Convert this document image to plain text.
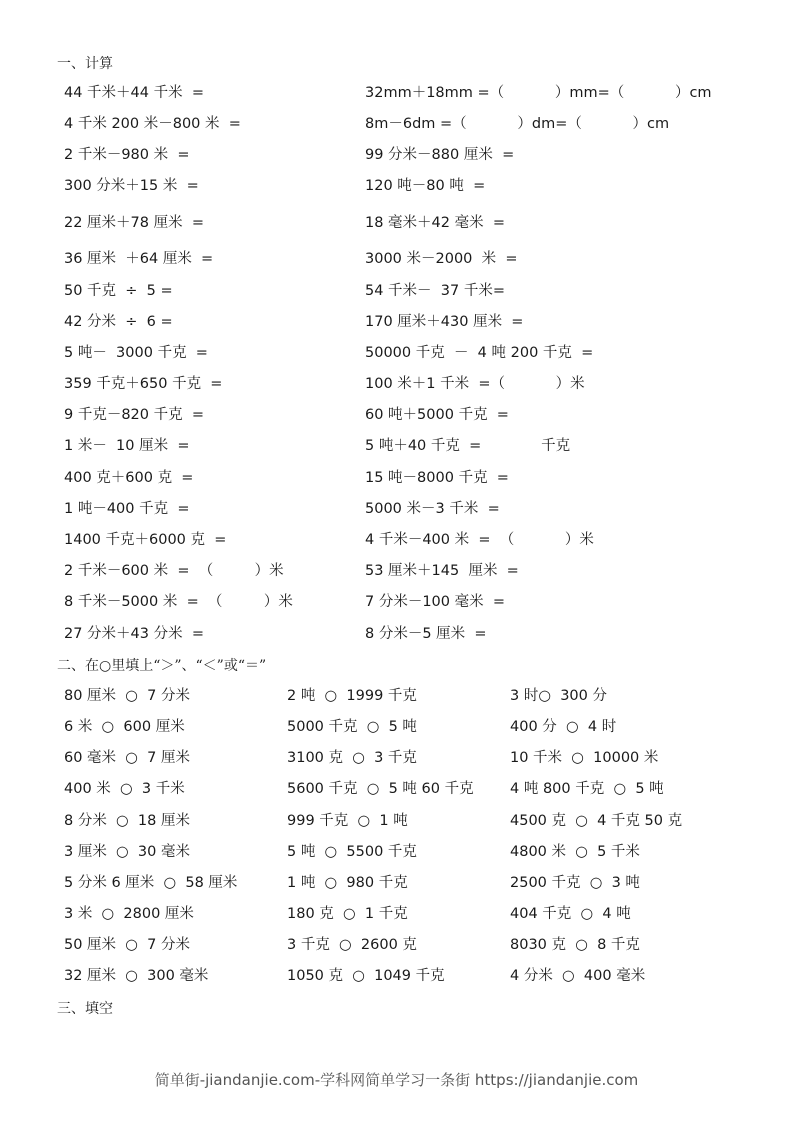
一、计算
44 千米＋44 千米  =	32mm＋18mm =（           ）mm=（           ）cm
4 千米 200 米－800 米  =	8m－6dm =（           ）dm=（           ）cm
2 千米－980 米  =	99 分米－880 厘米  =
300 分米＋15 米  =	120 吨－80 吨  =
22 厘米＋78 厘米  =	18 毫米＋42 毫米  =
36 厘米  ＋64 厘米  =	3000 米－2000  米  =
50 千克  ÷  5 =	54 千米－  37 千米=
42 分米  ÷  6 =	170 厘米＋430 厘米  =
5 吨－  3000 千克  =	50000 千克  －  4 吨 200 千克  =
359 千克＋650 千克  =	100 米＋1 千米  =（           ）米
9 千克－820 千克  =	60 吨＋5000 千克  =
1 米－  10 厘米  =	5 吨＋40 千克  =             千克
400 克＋600 克  =	15 吨－8000 千克  =
1 吨－400 千克  =	5000 米－3 千米  =
1400 千克＋6000 克  =	4 千米－400 米  =  （           ）米
2 千米－600 米  =  （         ）米	53 厘米＋145  厘米  =
8 千米－5000 米  =  （         ）米	7 分米－100 毫米  =
27 分米＋43 分米  =	8 分米－5 厘米  =
二、在○里填上“＞”、“＜”或“＝”
80 厘米  ○  7 分米	2 吨  ○  1999 千克	3 时○  300 分
6 米  ○  600 厘米	5000 千克  ○  5 吨	400 分  ○  4 时
60 毫米  ○  7 厘米	3100 克  ○  3 千克	10 千米  ○  10000 米
400 米  ○  3 千米	5600 千克  ○  5 吨 60 千克	4 吨 800 千克  ○  5 吨
8 分米  ○  18 厘米	999 千克  ○  1 吨	4500 克  ○  4 千克 50 克
3 厘米  ○  30 毫米	5 吨  ○  5500 千克	4800 米  ○  5 千米
5 分米 6 厘米  ○  58 厘米	1 吨  ○  980 千克	2500 千克  ○  3 吨
3 米  ○  2800 厘米	180 克  ○  1 千克	404 千克  ○  4 吨
50 厘米  ○  7 分米	3 千克  ○  2600 克	8030 克  ○  8 千克
32 厘米  ○  300 毫米	1050 克  ○  1049 千克	4 分米  ○  400 毫米
三、填空
简单街-jiandanjie.com-学科网简单学习一条街 https://jiandanjie.com
